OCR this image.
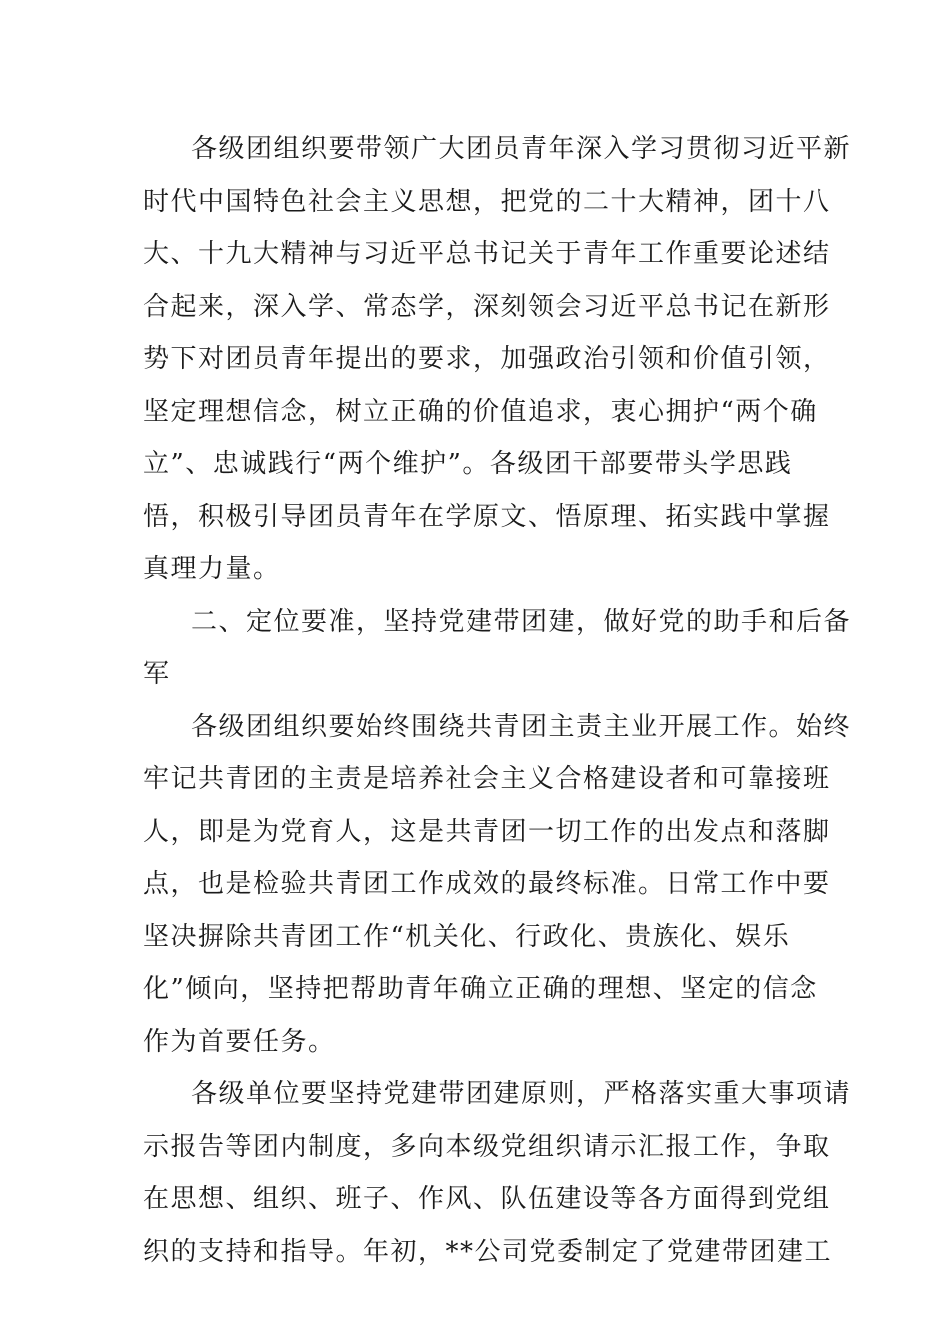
各级团组织要带领广大团员青年深入学习贯彻习近平新
时代中国特色社会主义思想，把党的二十大精神，团十八
大、十九大精神与习近平总书记关于青年工作重要论述结
合起来，深入学、常态学，深刻领会习近平总书记在新形
势下对团员青年提出的要求，加强政治引领和价值引领，
坚定理想信念，树立正确的价值追求，衷心拥护“两个确
立”、忠诚践行“两个维护”。各级团干部要带头学思践
悟，积极引导团员青年在学原文、悟原理、拓实践中掌握
真理力量。
二、定位要准，坚持党建带团建，做好党的助手和后备
军
各级团组织要始终围绕共青团主责主业开展工作。始终
牢记共青团的主责是培养社会主义合格建设者和可靠接班
人，即是为党育人，这是共青团一切工作的出发点和落脚
点，也是检验共青团工作成效的最终标准。日常工作中要
坚决摒除共青团工作“机关化、行政化、贵族化、娱乐
化”倾向，坚持把帮助青年确立正确的理想、坚定的信念
作为首要任务。
各级单位要坚持党建带团建原则，严格落实重大事项请
示报告等团内制度，多向本级党组织请示汇报工作，争取
在思想、组织、班子、作风、队伍建设等各方面得到党组
织的支持和指导。年初，**公司党委制定了党建带团建工
